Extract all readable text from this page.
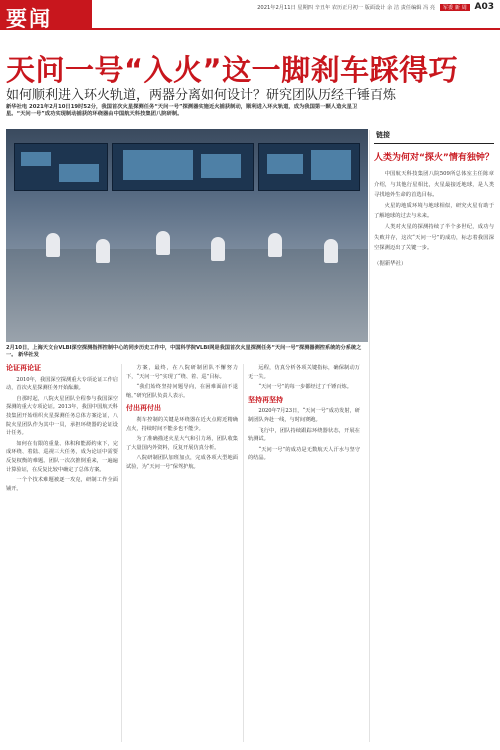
要闻	2021年2月11日 星期四 辛丑年 农历正月初一 版面设计 余 洁 责任编辑 冯 亮 军委 新 周 A03
天问一号“入火”这一脚刹车踩得巧
如何顺利进入环火轨道，两器分离如何设计？研究团队历经千锤百炼
新华社电 2021年2月10日19时52分，我国首次火星探测任务“天问一号”探测器实施近火捕获制动，顺利进入环火轨道，成为我国第一颗人造火星卫星。“天问一号”成功实现制动捕获的环绕器由中国航天科技集团八院研制。
2月10日，上海天文台VLBI深空探测指挥控制中心的同步历史工作中，中国科学院VLBI网是我国首次火星探测任务“天问一号”探测器测控系统的分系统之一。 新华社发
论证再论证

2010年，我国深空探测重大专项论证工作启动，首次火星探测任务开始酝酿。

自那时起，八院火星团队全程参与我国深空探测的重大专项论证。2013年，我国中国航天科技集团开始组织火星探测任务总体方案论证，八院火星团队作为其中一员，承担环绕器的论证设计任务。

如何在有限的重量、体积和能源约束下，完成环绕、着陆、巡视三大任务，成为论证中需要反复权衡的难题。团队一次次推倒重来，一遍遍计算验证，在反复比较中确定了总体方案。

一个个技术难题被逐一攻克，研制工作全面铺开。

方案，最终，在八院研制团队不懈努力下，“天问一号”实现了“绕、着、巡”目标。

“我们始终坚持问题导向，在困难面前不退缩。”研究团队负责人表示。

付出再付出

刹车控制的关键是环绕器在近火点附近精确点火，持续时间不能多也不能少。

为了准确描述火星大气和引力场，团队收集了大量国内外资料，反复开展仿真分析。

八院研制团队加班加点，完成各项大型地面试验，为“天问一号”保驾护航。

远程，仿真分析各项关键指标，确保制动万无一失。

“天问一号”的每一步都经过了千锤百炼。

坚持再坚持

2020年7月23日，“天问一号”成功发射，研制团队奔赴一线，与时间赛跑。

飞行中，团队持续跟踪环绕器状态，开展在轨测试。

“天问一号”的成功是无数航天人汗水与坚守的结晶。

链接
人类为何对“探火”情有独钟？

中国航天科技集团八院509所总体室主任陈章介绍，与其他行星相比，火星最接近地球，是人类寻找地外生命的首选目标。

火星的地质环境与地球相似，研究火星有助于了解地球的过去与未来。

人类对火星的探测持续了半个多世纪，成功与失败并存，这次“天问一号”的成功，标志着我国深空探测迈出了关键一步。

（据新华社）
